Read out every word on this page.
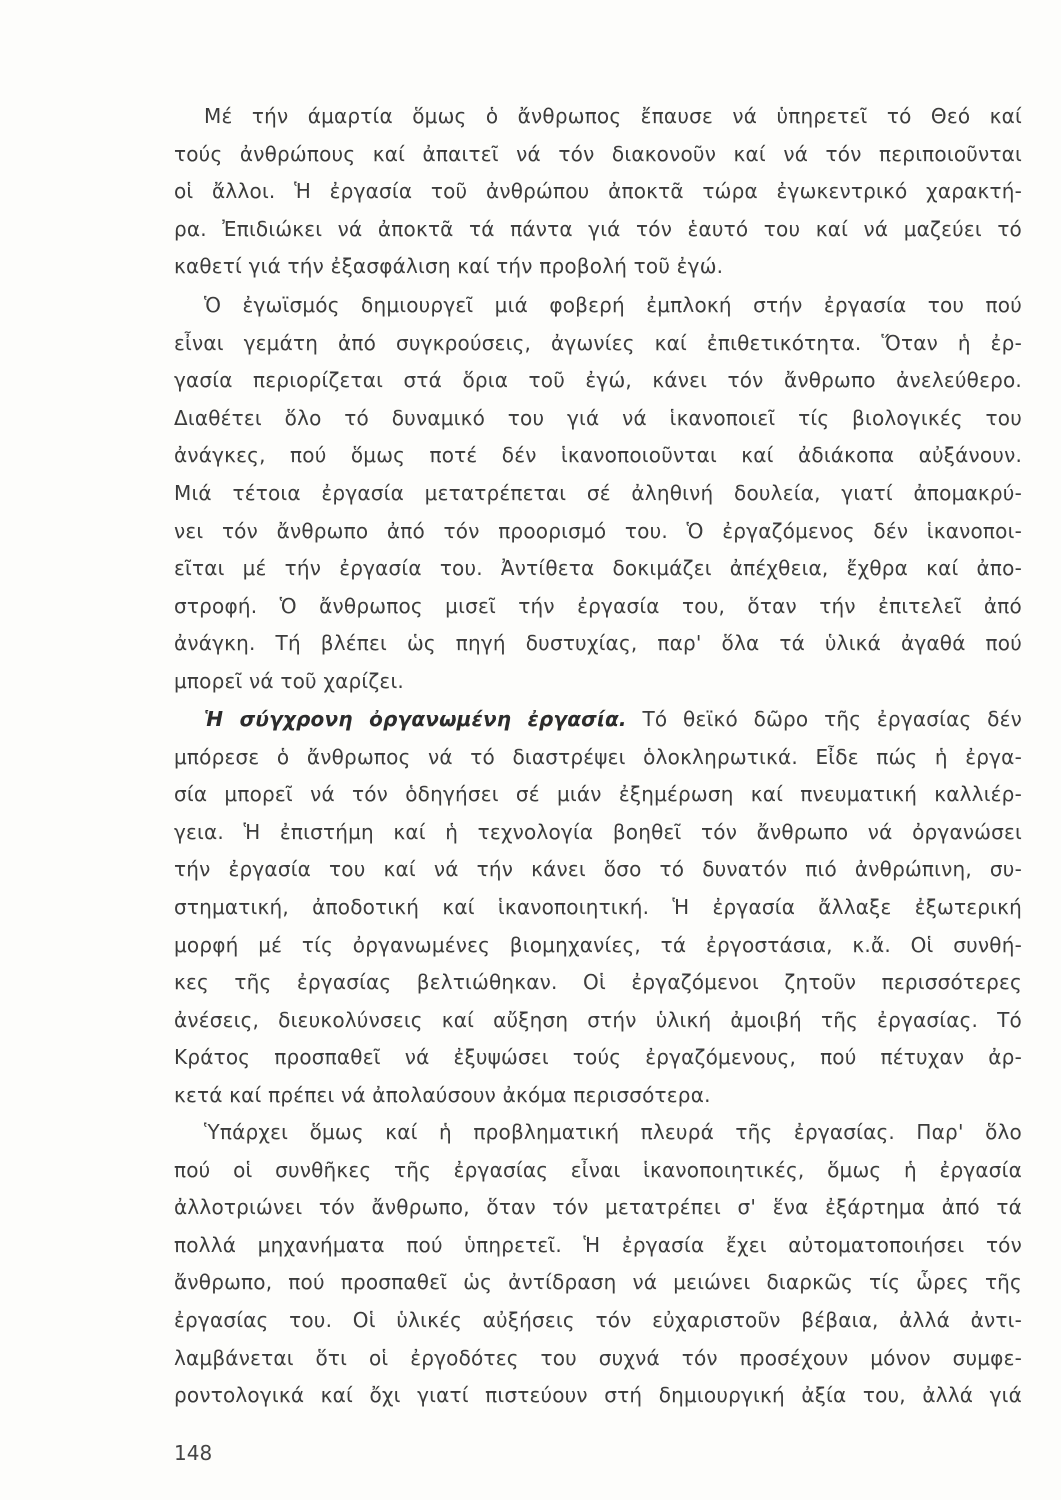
Μέ τήν άμαρτία ὅμως ὁ ἄνθρωπος ἔπαυσε νά ὑπηρετεῖ τό Θεό καί
τούς ἀνθρώπους καί ἀπαιτεῖ νά τόν διακονοῦν καί νά τόν περιποιοῦνται
οἱ ἄλλοι. Ἡ ἐργασία τοῦ ἀνθρώπου ἀποκτᾶ τώρα ἐγωκεντρικό χαρακτή-
ρα. Ἐπιδιώκει νά ἀποκτᾶ τά πάντα γιά τόν ἑαυτό του καί νά μαζεύει τό
καθετί γιά τήν ἐξασφάλιση καί τήν προβολή τοῦ ἐγώ.
Ὁ ἐγωϊσμός δημιουργεῖ μιά φοβερή ἐμπλοκή στήν ἐργασία του πού
εἶναι γεμάτη ἀπό συγκρούσεις, ἀγωνίες καί ἐπιθετικότητα. Ὅταν ἡ ἐρ-
γασία περιορίζεται στά ὅρια τοῦ ἐγώ, κάνει τόν ἄνθρωπο ἀνελεύθερο.
Διαθέτει ὅλο τό δυναμικό του γιά νά ἱκανοποιεῖ τίς βιολογικές του
ἀνάγκες, πού ὅμως ποτέ δέν ἱκανοποιοῦνται καί ἀδιάκοπα αὐξάνουν.
Μιά τέτοια ἐργασία μετατρέπεται σέ ἀληθινή δουλεία, γιατί ἀπομακρύ-
νει τόν ἄνθρωπο ἀπό τόν προορισμό του. Ὁ ἐργαζόμενος δέν ἱκανοποι-
εῖται μέ τήν ἐργασία του. Ἀντίθετα δοκιμάζει ἀπέχθεια, ἔχθρα καί ἀπο-
στροφή. Ὁ ἄνθρωπος μισεῖ τήν ἐργασία του, ὅταν τήν ἐπιτελεῖ ἀπό
ἀνάγκη. Τή βλέπει ὡς πηγή δυστυχίας, παρ' ὅλα τά ὑλικά ἀγαθά πού
μπορεῖ νά τοῦ χαρίζει.
Ἡ σύγχρονη ὀργανωμένη ἐργασία. Τό θεϊκό δῶρο τῆς ἐργασίας δέν
μπόρεσε ὁ ἄνθρωπος νά τό διαστρέψει ὁλοκληρωτικά. Εἶδε πώς ἡ ἐργα-
σία μπορεῖ νά τόν ὁδηγήσει σέ μιάν ἐξημέρωση καί πνευματική καλλιέρ-
γεια. Ἡ ἐπιστήμη καί ἡ τεχνολογία βοηθεῖ τόν ἄνθρωπο νά ὀργανώσει
τήν ἐργασία του καί νά τήν κάνει ὅσο τό δυνατόν πιό ἀνθρώπινη, συ-
στηματική, ἀποδοτική καί ἱκανοποιητική. Ἡ ἐργασία ἄλλαξε ἐξωτερική
μορφή μέ τίς ὀργανωμένες βιομηχανίες, τά ἐργοστάσια, κ.ἄ. Οἱ συνθή-
κες τῆς ἐργασίας βελτιώθηκαν. Οἱ ἐργαζόμενοι ζητοῦν περισσότερες
ἀνέσεις, διευκολύνσεις καί αὔξηση στήν ὑλική ἀμοιβή τῆς ἐργασίας. Τό
Κράτος προσπαθεῖ νά ἐξυψώσει τούς ἐργαζόμενους, πού πέτυχαν ἀρ-
κετά καί πρέπει νά ἀπολαύσουν ἀκόμα περισσότερα.
Ὑπάρχει ὅμως καί ἡ προβληματική πλευρά τῆς ἐργασίας. Παρ' ὅλο
πού οἱ συνθῆκες τῆς ἐργασίας εἶναι ἱκανοποιητικές, ὅμως ἡ ἐργασία
ἀλλοτριώνει τόν ἄνθρωπο, ὅταν τόν μετατρέπει σ' ἕνα ἐξάρτημα ἀπό τά
πολλά μηχανήματα πού ὑπηρετεῖ. Ἡ ἐργασία ἔχει αὐτοματοποιήσει τόν
ἄνθρωπο, πού προσπαθεῖ ὡς ἀντίδραση νά μειώνει διαρκῶς τίς ὧρες τῆς
ἐργασίας του. Οἱ ὑλικές αὐξήσεις τόν εὐχαριστοῦν βέβαια, ἀλλά ἀντι-
λαμβάνεται ὅτι οἱ ἐργοδότες του συχνά τόν προσέχουν μόνον συμφε-
ροντολογικά καί ὄχι γιατί πιστεύουν στή δημιουργική ἀξία του, ἀλλά γιά
148
